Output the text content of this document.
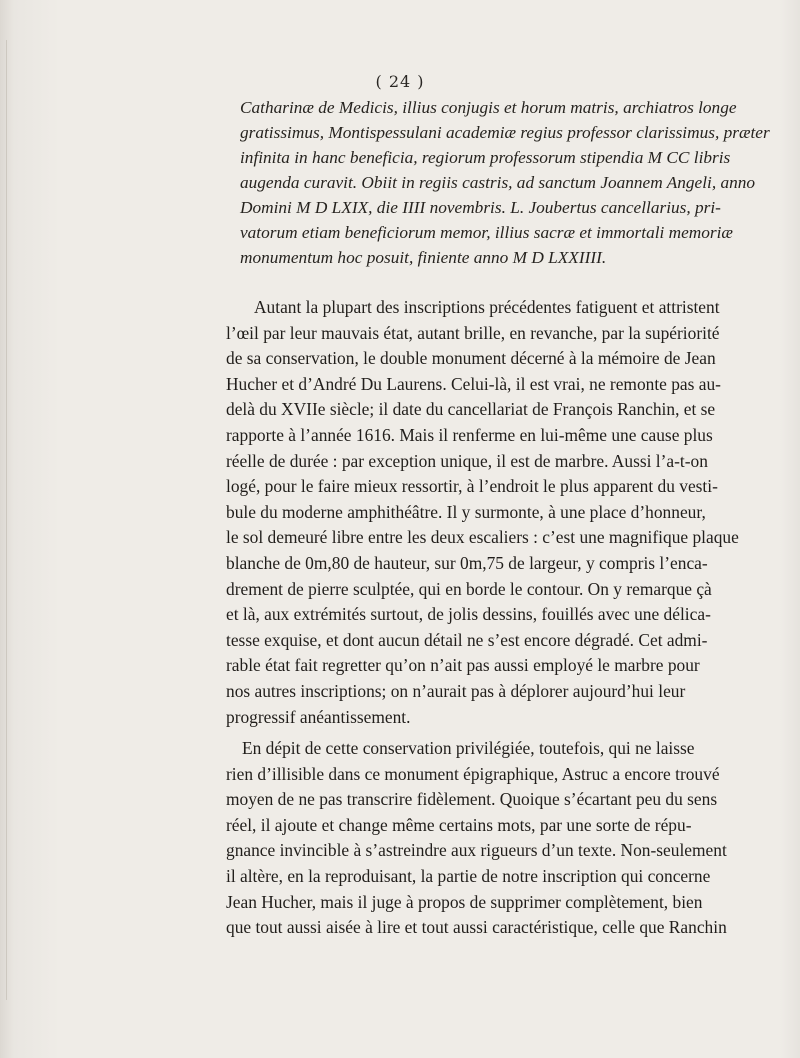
( 24 )
Catharinæ de Medicis, illius conjugis et horum matris, archiatros longe
gratissimus, Montispessulani academiæ regius professor clarissimus, præter
infinita in hanc beneficia, regiorum professorum stipendia M CC libris
augenda curavit. Obiit in regiis castris, ad sanctum Joannem Angeli, anno
Domini M D LXIX, die IIII novembris. L. Joubertus cancellarius, pri-
vatorum etiam beneficiorum memor, illius sacræ et immortali memoriæ
monumentum hoc posuit, finiente anno M D LXXIIII.
Autant la plupart des inscriptions précédentes fatiguent et attristent
l’œil par leur mauvais état, autant brille, en revanche, par la supériorité
de sa conservation, le double monument décerné à la mémoire de Jean
Hucher et d’André Du Laurens. Celui-là, il est vrai, ne remonte pas au-
delà du XVIIe siècle; il date du cancellariat de François Ranchin, et se
rapporte à l’année 1616. Mais il renferme en lui-même une cause plus
réelle de durée : par exception unique, il est de marbre. Aussi l’a-t-on
logé, pour le faire mieux ressortir, à l’endroit le plus apparent du vesti-
bule du moderne amphithéâtre. Il y surmonte, à une place d’honneur,
le sol demeuré libre entre les deux escaliers : c’est une magnifique plaque
blanche de 0m,80 de hauteur, sur 0m,75 de largeur, y compris l’enca-
drement de pierre sculptée, qui en borde le contour. On y remarque çà
et là, aux extrémités surtout, de jolis dessins, fouillés avec une délica-
tesse exquise, et dont aucun détail ne s’est encore dégradé. Cet admi-
rable état fait regretter qu’on n’ait pas aussi employé le marbre pour
nos autres inscriptions; on n’aurait pas à déplorer aujourd’hui leur
progressif anéantissement.
En dépit de cette conservation privilégiée, toutefois, qui ne laisse
rien d’illisible dans ce monument épigraphique, Astruc a encore trouvé
moyen de ne pas transcrire fidèlement. Quoique s’écartant peu du sens
réel, il ajoute et change même certains mots, par une sorte de répu-
gnance invincible à s’astreindre aux rigueurs d’un texte. Non-seulement
il altère, en la reproduisant, la partie de notre inscription qui concerne
Jean Hucher, mais il juge à propos de supprimer complètement, bien
que tout aussi aisée à lire et tout aussi caractéristique, celle que Ranchin
